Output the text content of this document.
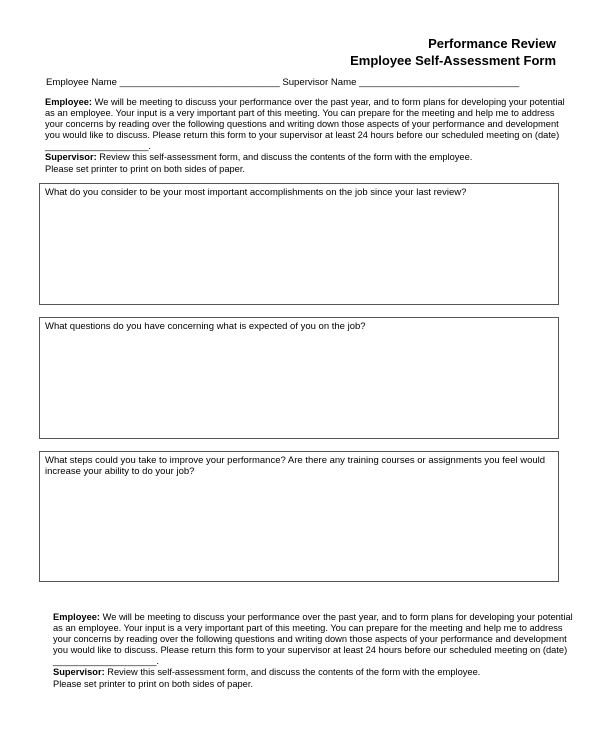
Performance Review
Employee Self-Assessment Form
Employee Name ______________________________ Supervisor Name ______________________________
Employee: We will be meeting to discuss your performance over the past year, and to form plans for developing your potential as an employee. Your input is a very important part of this meeting. You can prepare for the meeting and help me to address your concerns by reading over the following questions and writing down those aspects of your performance and development you would like to discuss. Please return this form to your supervisor at least 24 hours before our scheduled meeting on (date) ____________________.
Supervisor: Review this self-assessment form, and discuss the contents of the form with the employee.
Please set printer to print on both sides of paper.
What do you consider to be your most important accomplishments on the job since your last review?
What questions do you have concerning what is expected of you on the job?
What steps could you take to improve your performance? Are there any training courses or assignments you feel would increase your ability to do your job?
Employee: We will be meeting to discuss your performance over the past year, and to form plans for developing your potential as an employee. Your input is a very important part of this meeting. You can prepare for the meeting and help me to address your concerns by reading over the following questions and writing down those aspects of your performance and development you would like to discuss. Please return this form to your supervisor at least 24 hours before our scheduled meeting on (date) ____________________.
Supervisor: Review this self-assessment form, and discuss the contents of the form with the employee.
Please set printer to print on both sides of paper.
